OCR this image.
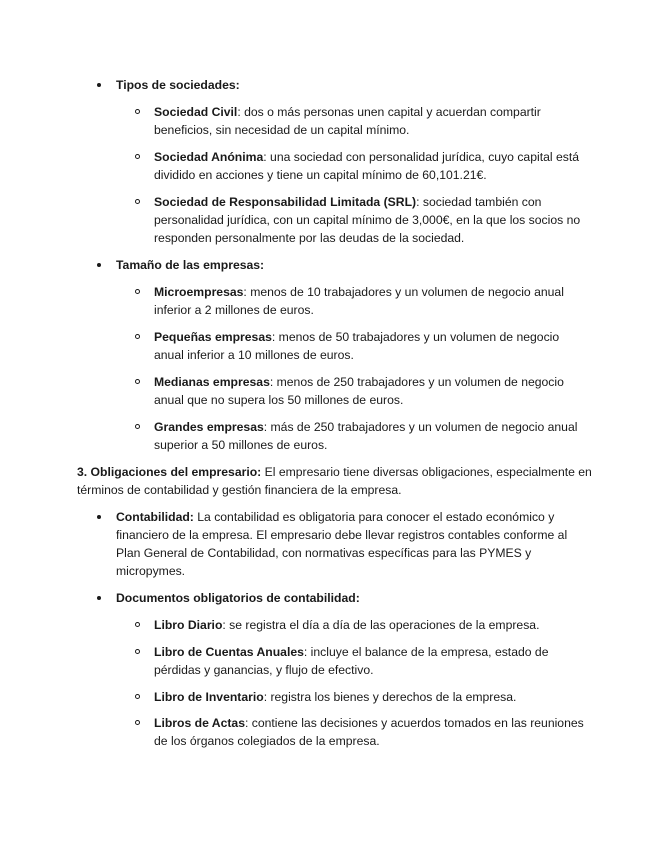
Tipos de sociedades:
Sociedad Civil: dos o más personas unen capital y acuerdan compartir beneficios, sin necesidad de un capital mínimo.
Sociedad Anónima: una sociedad con personalidad jurídica, cuyo capital está dividido en acciones y tiene un capital mínimo de 60,101.21€.
Sociedad de Responsabilidad Limitada (SRL): sociedad también con personalidad jurídica, con un capital mínimo de 3,000€, en la que los socios no responden personalmente por las deudas de la sociedad.
Tamaño de las empresas:
Microempresas: menos de 10 trabajadores y un volumen de negocio anual inferior a 2 millones de euros.
Pequeñas empresas: menos de 50 trabajadores y un volumen de negocio anual inferior a 10 millones de euros.
Medianas empresas: menos de 250 trabajadores y un volumen de negocio anual que no supera los 50 millones de euros.
Grandes empresas: más de 250 trabajadores y un volumen de negocio anual superior a 50 millones de euros.
3. Obligaciones del empresario: El empresario tiene diversas obligaciones, especialmente en términos de contabilidad y gestión financiera de la empresa.
Contabilidad: La contabilidad es obligatoria para conocer el estado económico y financiero de la empresa. El empresario debe llevar registros contables conforme al Plan General de Contabilidad, con normativas específicas para las PYMES y micropymes.
Documentos obligatorios de contabilidad:
Libro Diario: se registra el día a día de las operaciones de la empresa.
Libro de Cuentas Anuales: incluye el balance de la empresa, estado de pérdidas y ganancias, y flujo de efectivo.
Libro de Inventario: registra los bienes y derechos de la empresa.
Libros de Actas: contiene las decisiones y acuerdos tomados en las reuniones de los órganos colegiados de la empresa.
